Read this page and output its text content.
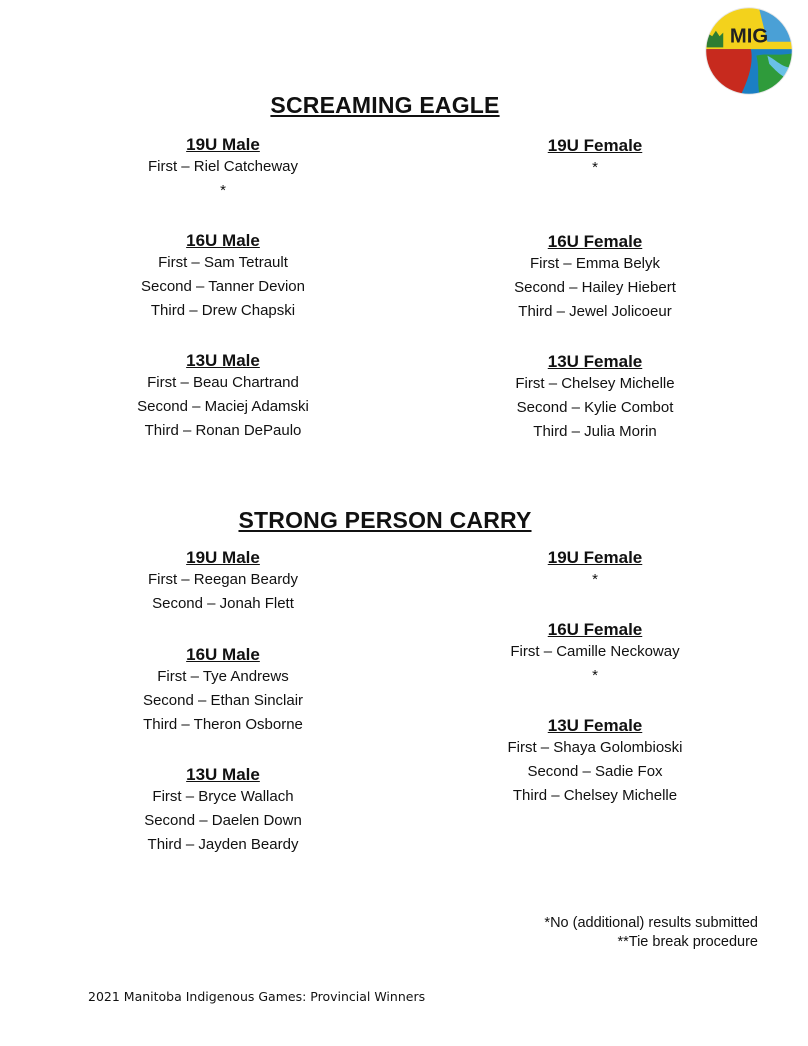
MIG
SCREAMING EAGLE
19U Male
First – Riel Catcheway
*
19U Female
*
16U Male
First – Sam Tetrault
Second – Tanner Devion
Third – Drew Chapski
16U Female
First – Emma Belyk
Second – Hailey Hiebert
Third – Jewel Jolicoeur
13U Male
First – Beau Chartrand
Second – Maciej Adamski
Third – Ronan DePaulo
13U Female
First – Chelsey Michelle
Second – Kylie Combot
Third – Julia Morin
STRONG PERSON CARRY
19U Male
First – Reegan Beardy
Second – Jonah Flett
19U Female
*
16U Male
First – Tye Andrews
Second – Ethan Sinclair
Third – Theron Osborne
16U Female
First – Camille Neckoway
*
13U Male
First – Bryce Wallach
Second – Daelen Down
Third – Jayden Beardy
13U Female
First – Shaya Golombioski
Second – Sadie Fox
Third – Chelsey Michelle
*No (additional) results submitted
**Tie break procedure
2021 Manitoba Indigenous Games: Provincial Winners
